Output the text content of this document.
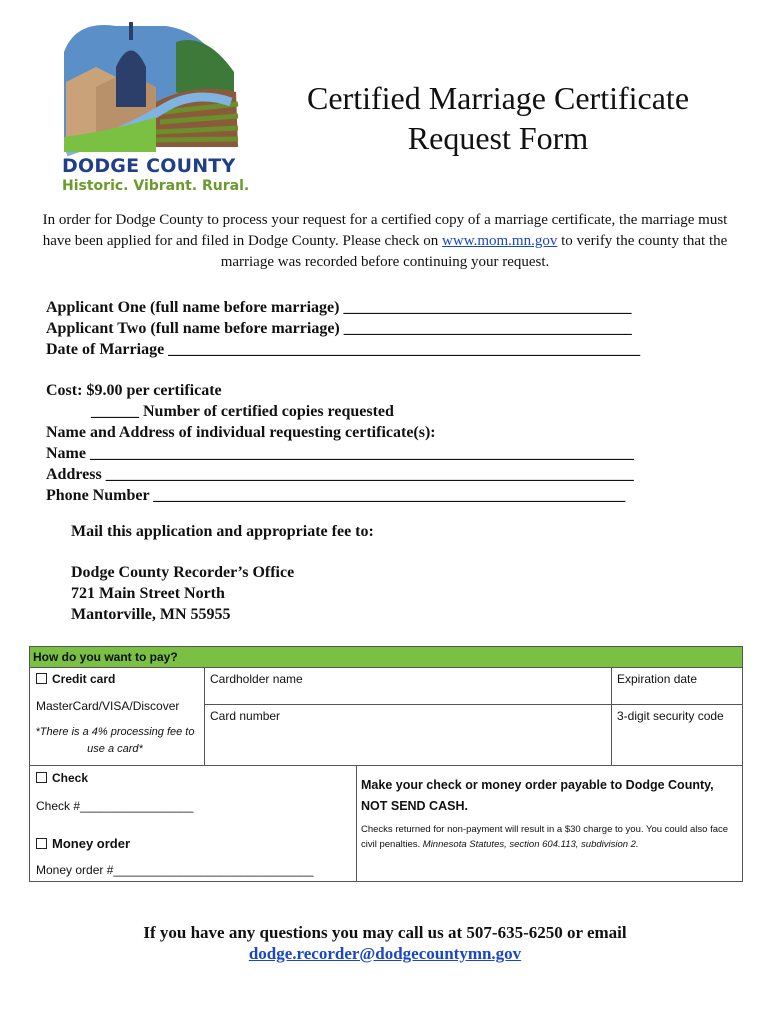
DODGE COUNTY
Historic. Vibrant. Rural.
Certified Marriage Certificate
Request Form
In order for Dodge County to process your request for a certified copy of a marriage certificate, the marriage must have been applied for and filed in Dodge County. Please check on www.mom.mn.gov to verify the county that the marriage was recorded before continuing your request.
Applicant One (full name before marriage) ____________________________________
Applicant Two (full name before marriage) ____________________________________
Date of Marriage ___________________________________________________________
Cost: $9.00 per certificate
______ Number of certified copies requested
Name and Address of individual requesting certificate(s):
Name ____________________________________________________________________
Address __________________________________________________________________
Phone Number ___________________________________________________________
Mail this application and appropriate fee to:
Dodge County Recorder’s Office
721 Main Street North
Mantorville, MN 55955
How do you want to pay?
Credit card
MasterCard/VISA/Discover
*There is a 4% processing fee to use a card*
Cardholder name	Expiration date
Card number	3-digit security code
Check
Check #_________________
Money order
Money order #______________________________
Make your check or money order payable to Dodge County, NOT SEND CASH.
Checks returned for non-payment will result in a $30 charge to you. You could also face civil penalties. Minnesota Statutes, section 604.113, subdivision 2.
If you have any questions you may call us at 507-635-6250 or email
dodge.recorder@dodgecountymn.gov
